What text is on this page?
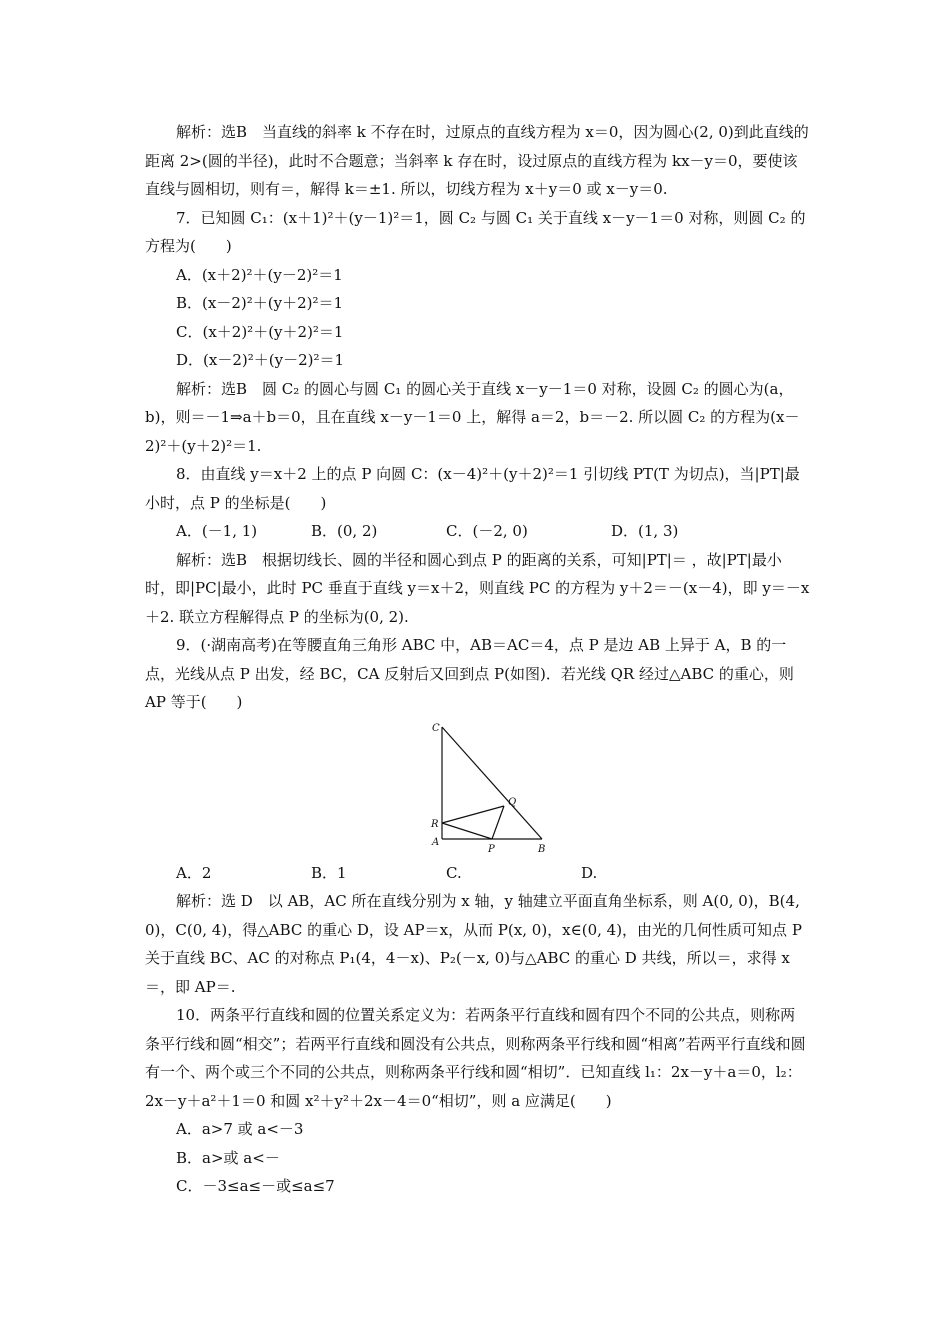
解析：选B　当直线的斜率 k 不存在时，过原点的直线方程为 x＝0，因为圆心(2, 0)到此直线的距离 2>(圆的半径)，此时不合题意；当斜率 k 存在时，设过原点的直线方程为 kx－y＝0，要使该直线与圆相切，则有＝，解得 k＝±1. 所以，切线方程为 x＋y＝0 或 x－y＝0.

7．已知圆 C₁：(x＋1)²＋(y－1)²＝1，圆 C₂ 与圆 C₁ 关于直线 x－y－1＝0 对称，则圆 C₂ 的方程为(　　)

A．(x＋2)²＋(y－2)²＝1

B．(x－2)²＋(y＋2)²＝1

C．(x＋2)²＋(y＋2)²＝1

D．(x－2)²＋(y－2)²＝1

解析：选B　圆 C₂ 的圆心与圆 C₁ 的圆心关于直线 x－y－1＝0 对称，设圆 C₂ 的圆心为(a，b)，则＝－1⇒a＋b＝0，且在直线 x－y－1＝0 上，解得 a＝2，b＝－2. 所以圆 C₂ 的方程为(x－2)²＋(y＋2)²＝1.

8．由直线 y＝x＋2 上的点 P 向圆 C：(x－4)²＋(y＋2)²＝1 引切线 PT(T 为切点)，当|PT|最小时，点 P 的坐标是(　　)

A．(－1, 1)	B．(0, 2)	C．(－2, 0)	D．(1, 3)

解析：选B　根据切线长、圆的半径和圆心到点 P 的距离的关系，可知|PT|＝ ，故|PT|最小时，即|PC|最小，此时 PC 垂直于直线 y＝x＋2，则直线 PC 的方程为 y＋2＝－(x－4)，即 y＝－x＋2. 联立方程解得点 P 的坐标为(0, 2).

9．(·湖南高考)在等腰直角三角形 ABC 中，AB＝AC＝4，点 P 是边 AB 上异于 A，B 的一点，光线从点 P 出发，经 BC，CA 反射后又回到点 P(如图)．若光线 QR 经过△ABC 的重心，则 AP 等于(　　)

C
Q
R
A
P	B
A．2	B．1	C.	D.

解析：选 D　以 AB，AC 所在直线分别为 x 轴，y 轴建立平面直角坐标系，则 A(0, 0)，B(4, 0)，C(0, 4)，得△ABC 的重心 D，设 AP＝x，从而 P(x, 0)，x∈(0, 4)，由光的几何性质可知点 P 关于直线 BC、AC 的对称点 P₁(4，4－x)、P₂(－x, 0)与△ABC 的重心 D 共线，所以＝，求得 x＝，即 AP＝.

10．两条平行直线和圆的位置关系定义为：若两条平行直线和圆有四个不同的公共点，则称两条平行线和圆“相交”；若两平行直线和圆没有公共点，则称两条平行线和圆“相离”若两平行直线和圆有一个、两个或三个不同的公共点，则称两条平行线和圆“相切”．已知直线 l₁：2x－y＋a＝0，l₂：2x－y＋a²＋1＝0 和圆 x²＋y²＋2x－4＝0“相切”，则 a 应满足(　　)

A．a>7 或 a<－3

B．a>或 a<－

C．－3≤a≤－或≤a≤7
